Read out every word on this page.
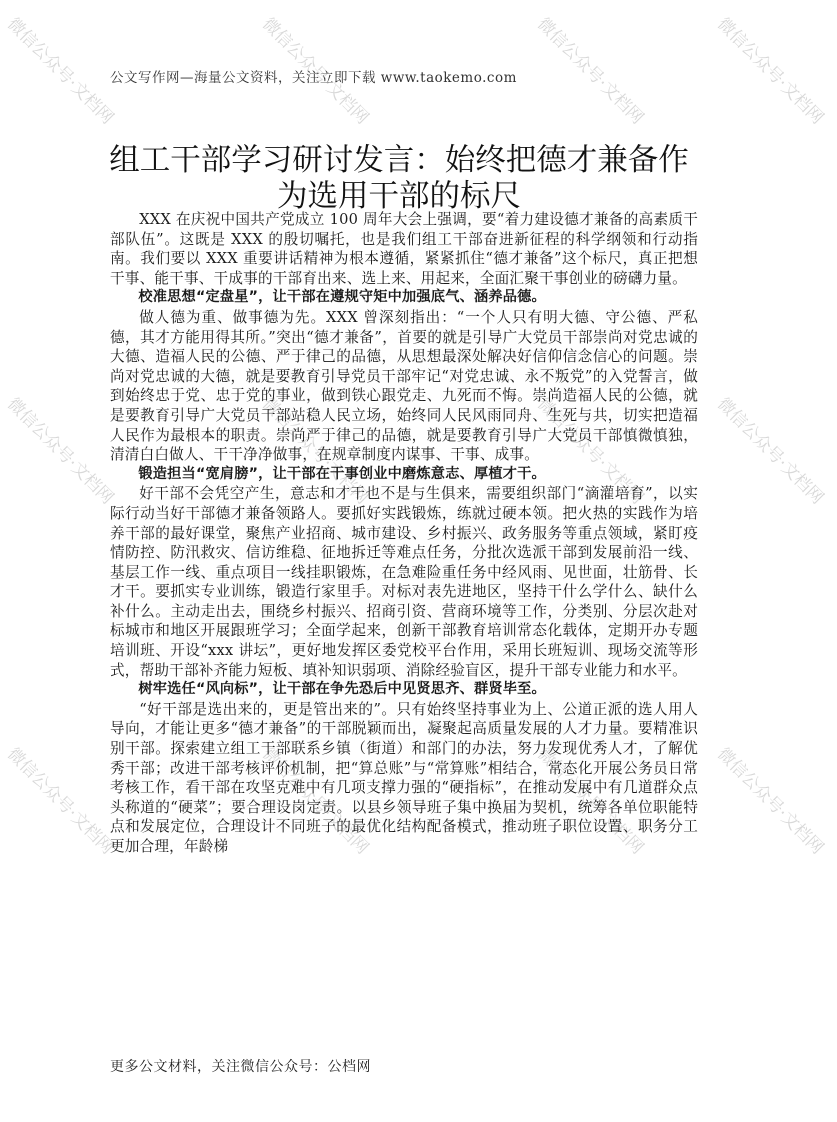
微信公众号·文档网	微信公众号·文档网	微信公众号·文档网	微信公众号·文档网
微信公众号·文档网	微信公众号·文档网	微信公众号·文档网	微信公众号·文档网
微信公众号·文档网	微信公众号·文档网	微信公众号·文档网	微信公众号·文档网
公文写作网—海量公文资料，关注立即下载 www.taokemo.com
组工干部学习研讨发言：始终把德才兼备作为选用干部的标尺

XXX 在庆祝中国共产党成立 100 周年大会上强调，要“着力建设德才兼备的高素质干部队伍”。这既是 XXX 的殷切嘱托，也是我们组工干部奋进新征程的科学纲领和行动指南。我们要以 XXX 重要讲话精神为根本遵循，紧紧抓住“德才兼备”这个标尺，真正把想干事、能干事、干成事的干部育出来、选上来、用起来，全面汇聚干事创业的磅礴力量。

校准思想“定盘星”，让干部在遵规守矩中加强底气、涵养品德。

做人德为重、做事德为先。XXX 曾深刻指出：“一个人只有明大德、守公德、严私德，其才方能用得其所。”突出“德才兼备”，首要的就是引导广大党员干部崇尚对党忠诚的大德、造福人民的公德、严于律己的品德，从思想最深处解决好信仰信念信心的问题。崇尚对党忠诚的大德，就是要教育引导党员干部牢记“对党忠诚、永不叛党”的入党誓言，做到始终忠于党、忠于党的事业，做到铁心跟党走、九死而不悔。崇尚造福人民的公德，就是要教育引导广大党员干部站稳人民立场，始终同人民风雨同舟、生死与共，切实把造福人民作为最根本的职责。崇尚严于律己的品德，就是要教育引导广大党员干部慎微慎独，清清白白做人、干干净净做事，在规章制度内谋事、干事、成事。

锻造担当“宽肩膀”，让干部在干事创业中磨炼意志、厚植才干。

好干部不会凭空产生，意志和才干也不是与生俱来，需要组织部门“滴灌培育”，以实际行动当好干部德才兼备领路人。要抓好实践锻炼，练就过硬本领。把火热的实践作为培养干部的最好课堂，聚焦产业招商、城市建设、乡村振兴、政务服务等重点领域，紧盯疫情防控、防汛救灾、信访维稳、征地拆迁等难点任务，分批次选派干部到发展前沿一线、基层工作一线、重点项目一线挂职锻炼，在急难险重任务中经风雨、见世面，壮筋骨、长才干。要抓实专业训练，锻造行家里手。对标对表先进地区，坚持干什么学什么、缺什么补什么。主动走出去，围绕乡村振兴、招商引资、营商环境等工作，分类别、分层次赴对标城市和地区开展跟班学习；全面学起来，创新干部教育培训常态化载体，定期开办专题培训班、开设“xxx 讲坛”，更好地发挥区委党校平台作用，采用长班短训、现场交流等形式，帮助干部补齐能力短板、填补知识弱项、消除经验盲区，提升干部专业能力和水平。

树牢选任“风向标”，让干部在争先恐后中见贤思齐、群贤毕至。

“好干部是选出来的，更是管出来的”。只有始终坚持事业为上、公道正派的选人用人导向，才能让更多“德才兼备”的干部脱颖而出，凝聚起高质量发展的人才力量。要精准识别干部。探索建立组工干部联系乡镇（街道）和部门的办法，努力发现优秀人才，了解优秀干部；改进干部考核评价机制，把“算总账”与“常算账”相结合，常态化开展公务员日常考核工作，看干部在攻坚克难中有几项支撑力强的“硬指标”，在推动发展中有几道群众点头称道的“硬菜”；要合理设岗定责。以县乡领导班子集中换届为契机，统筹各单位职能特点和发展定位，合理设计不同班子的最优化结构配备模式，推动班子职位设置、职务分工更加合理，年龄梯

更多公文材料，关注微信公众号：公档网
